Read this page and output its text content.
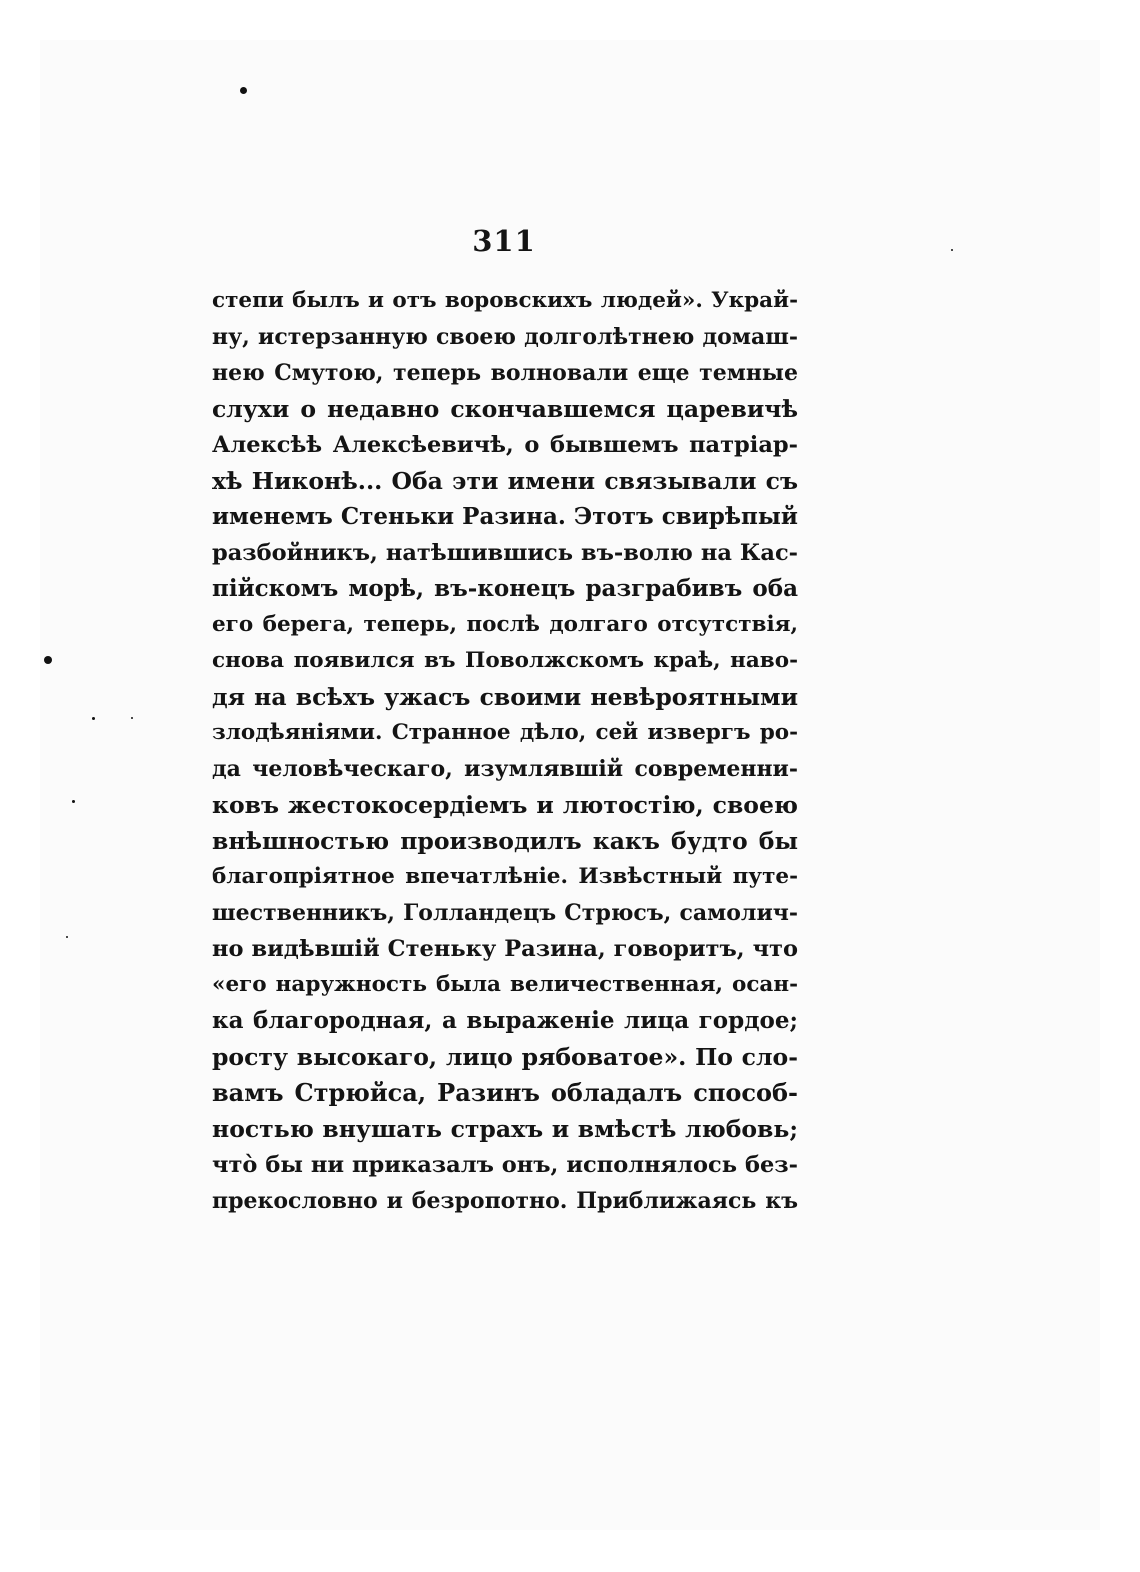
311
степи былъ и отъ воровскихъ людей». Украй-
ну, истерзанную своею долголѣтнею домаш-
нею Смутою, теперь волновали еще темные
слухи о недавно скончавшемся царевичѣ
Алексѣѣ Алексѣевичѣ, о бывшемъ патріар-
хѣ Никонѣ... Оба эти имени связывали съ
именемъ Стеньки Разина. Этотъ свирѣпый
разбойникъ, натѣшившись въ-волю на Кас-
пійскомъ морѣ, въ-конецъ разграбивъ оба
его берега, теперь, послѣ долгаго отсутствія,
снова появился въ Поволжскомъ краѣ, наво-
дя на всѣхъ ужасъ своими невѣроятными
злодѣяніями. Странное дѣло, сей извергъ ро-
да человѣческаго, изумлявшій современни-
ковъ жестокосердіемъ и лютостію, своею
внѣшностью производилъ какъ будто бы
благопріятное впечатлѣніе. Извѣстный путе-
шественникъ, Голландецъ Стрюсъ, самолич-
но видѣвшій Стеньку Разина, говоритъ, что
«его наружность была величественная, осан-
ка благородная, а выраженіе лица гордое;
росту высокаго, лицо рябоватое». По сло-
вамъ Стрюйса, Разинъ обладалъ способ-
ностью внушать страхъ и вмѣстѣ любовь;
что̀ бы ни приказалъ онъ, исполнялось без-
прекословно и безропотно. Приближаясь къ
